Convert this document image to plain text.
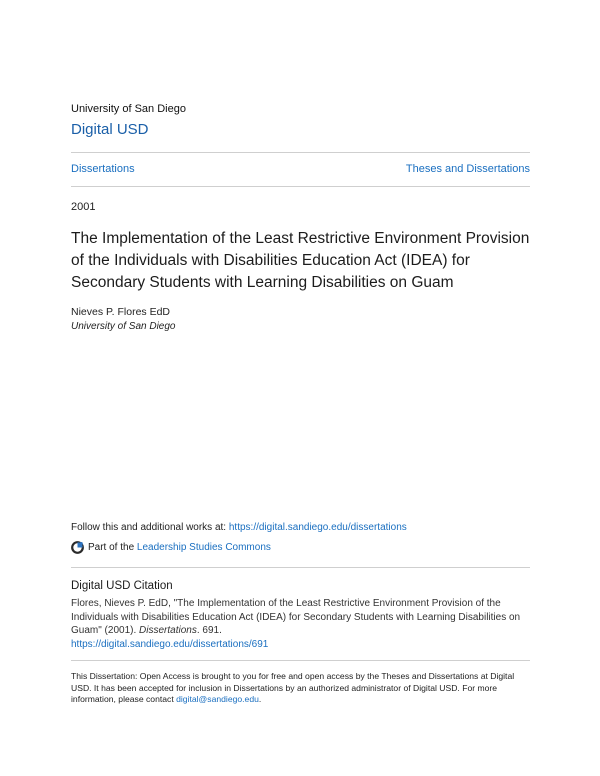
University of San Diego
Digital USD
Dissertations	Theses and Dissertations
2001
The Implementation of the Least Restrictive Environment Provision of the Individuals with Disabilities Education Act (IDEA) for Secondary Students with Learning Disabilities on Guam
Nieves P. Flores EdD
University of San Diego
Follow this and additional works at: https://digital.sandiego.edu/dissertations
Part of the
Leadership Studies Commons
Digital USD Citation
Flores, Nieves P. EdD, "The Implementation of the Least Restrictive Environment Provision of the Individuals with Disabilities Education Act (IDEA) for Secondary Students with Learning Disabilities on Guam" (2001). Dissertations. 691.
https://digital.sandiego.edu/dissertations/691
This Dissertation: Open Access is brought to you for free and open access by the Theses and Dissertations at Digital USD. It has been accepted for inclusion in Dissertations by an authorized administrator of Digital USD. For more information, please contact digital@sandiego.edu.
